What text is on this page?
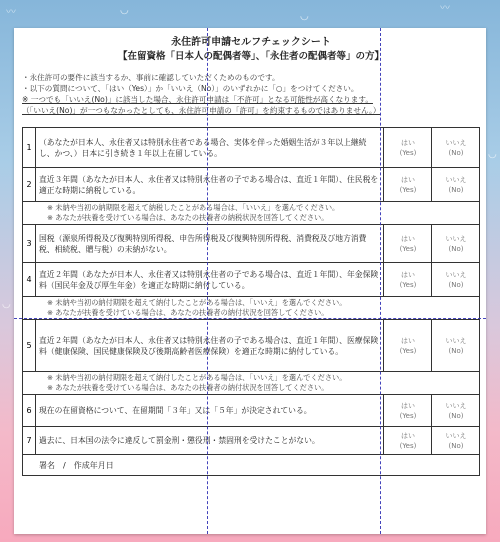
〰	◡
◡
〰
◡
◡
永住許可申請セルフチェックシート
【在留資格「日本人の配偶者等」、「永住者の配偶者等」の方】
・永住許可の要件に該当するか、事前に確認していただくためのものです。
・以下の質問について、「はい（Yes）」か「いいえ（No）」のいずれかに「○」をつけてください。
※ 一つでも「いいえ(No)」に該当した場合、永住許可申請は「不許可」となる可能性が高くなります。
（「いいえ(No)」が一つもなかったとしても、永住許可申請の「許可」を約束するものではありません。）
1
（あなたが日本人、永住者又は特別永住者である場合、実体を伴った婚姻生活が３年以上継続し、かつ、）日本に引き続き１年以上在留している。
はい
(Yes)
いいえ
(No)
2
直近３年間（あなたが日本人、永住者又は特別永住者の子である場合は、直近１年間）、住民税を適正な時期に納税している。
はい
(Yes)
いいえ
(No)
※ 未納や当初の納期限を超えて納税したことがある場合は、「いいえ」を選んでください。
※ あなたが扶養を受けている場合は、あなたの扶養者の納税状況を回答してください。
3
国税（源泉所得税及び復興特別所得税、申告所得税及び復興特別所得税、消費税及び地方消費税、相続税、贈与税）の未納がない。
はい
(Yes)
いいえ
(No)
4
直近２年間（あなたが日本人、永住者又は特別永住者の子である場合は、直近１年間）、年金保険料（国民年金及び厚生年金）を適正な時期に納付している。
はい
(Yes)
いいえ
(No)
※ 未納や当初の納付期限を超えて納付したことがある場合は、「いいえ」を選んでください。
※ あなたが扶養を受けている場合は、あなたの扶養者の納付状況を回答してください。
5
直近２年間（あなたが日本人、永住者又は特別永住者の子である場合は、直近１年間）、医療保険料（健康保険、国民健康保険及び後期高齢者医療保険）を適正な時期に納付している。
はい
(Yes)
いいえ
(No)
※ 未納や当初の納付期限を超えて納付したことがある場合は、「いいえ」を選んでください。
※ あなたが扶養を受けている場合は、あなたの扶養者の納付状況を回答してください。
6 現在の在留資格について、在留期間「３年」又は「５年」が決定されている。
はい
(Yes)
いいえ
(No)
7 過去に、日本国の法令に違反して罰金刑・懲役刑・禁固刑を受けたことがない。
はい
(Yes)
いいえ
(No)
署名　/　作成年月日
